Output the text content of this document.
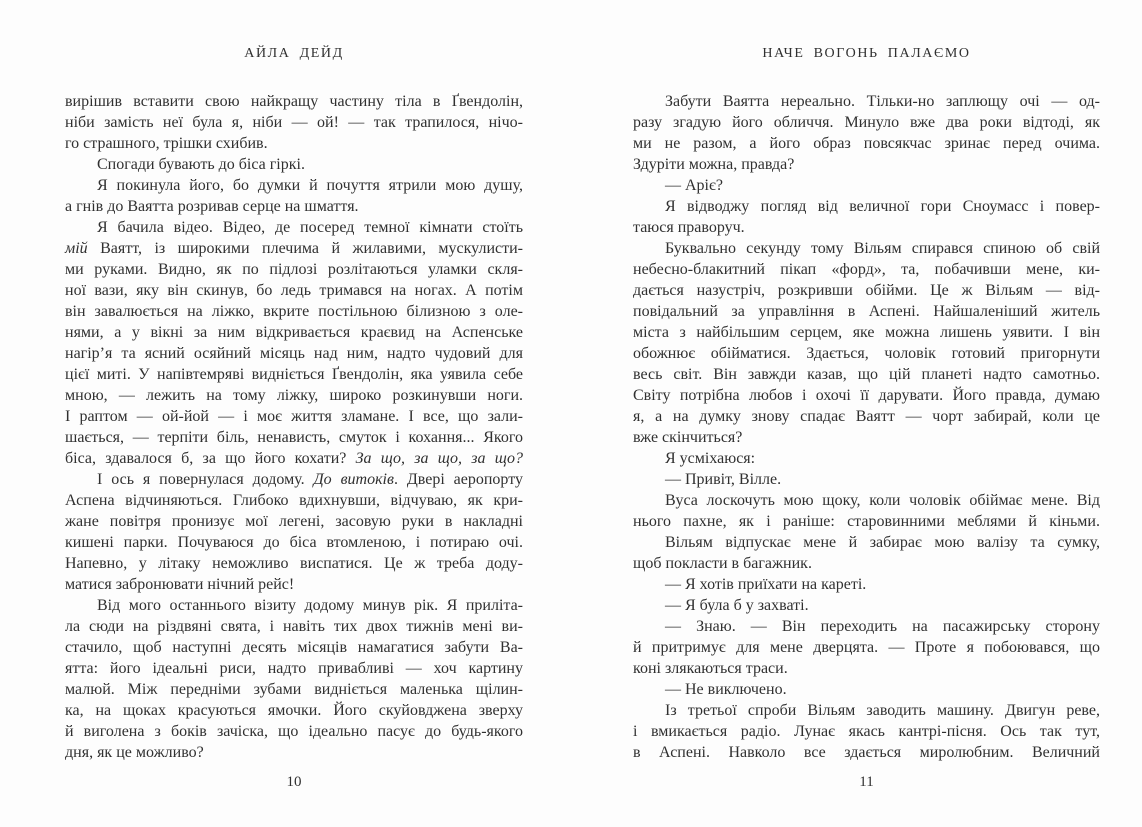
АЙЛА ДЕЙД
вирішив вставити свою найкращу частину тіла в Ґвендолін,
ніби замість неї була я, ніби — ой! — так трапилося, нічо-
го страшного, трішки схибив.
Спогади бувають до біса гіркі.
Я покинула його, бо думки й почуття ятрили мою душу,
а гнів до Ваятта розривав серце на шмаття.
Я бачила відео. Відео, де посеред темної кімнати стоїть
мій Ваятт, із широкими плечима й жилавими, мускулисти-
ми руками. Видно, як по підлозі розлітаються уламки скля-
ної вази, яку він скинув, бо ледь тримався на ногах. А потім
він завалюється на ліжко, вкрите постільною білизною з оле-
нями, а у вікні за ним відкривається краєвид на Аспенське
нагір’я та ясний осяйний місяць над ним, надто чудовий для
цієї миті. У напівтемряві видніється Ґвендолін, яка уявила себе
мною, — лежить на тому ліжку, широко розкинувши ноги.
І раптом — ой-йой — і моє життя зламане. І все, що зали-
шається, — терпіти біль, ненависть, смуток і кохання... Якого
біса, здавалося б, за що його кохати? За що, за що, за що?
І ось я повернулася додому. До витоків. Двері аеропорту
Аспена відчиняються. Глибоко вдихнувши, відчуваю, як кри-
жане повітря пронизує мої легені, засовую руки в накладні
кишені парки. Почуваюся до біса втомленою, і потираю очі.
Напевно, у літаку неможливо виспатися. Це ж треба доду-
матися забронювати нічний рейс!
Від мого останнього візиту додому минув рік. Я приліта-
ла сюди на різдвяні свята, і навіть тих двох тижнів мені ви-
стачило, щоб наступні десять місяців намагатися забути Ва-
ятта: його ідеальні риси, надто привабливі — хоч картину
малюй. Між передніми зубами видніється маленька щілин-
ка, на щоках красуються ямочки. Його скуйовджена зверху
й виголена з боків зачіска, що ідеально пасує до будь-якого
дня, як це можливо?
10
НАЧЕ ВОГОНЬ ПАЛАЄМО
Забути Ваятта нереально. Тільки-но заплющу очі — од-
разу згадую його обличчя. Минуло вже два роки відтоді, як
ми не разом, а його образ повсякчас зринає перед очима.
Здуріти можна, правда?
— Аріє?
Я відводжу погляд від величної гори Сноумасс і повер-
таюся праворуч.
Буквально секунду тому Вільям спирався спиною об свій
небесно-блакитний пікап «форд», та, побачивши мене, ки-
дається назустріч, розкривши обійми. Це ж Вільям — від-
повідальний за управління в Аспені. Найшаленіший житель
міста з найбільшим серцем, яке можна лишень уявити. І він
обожнює обійматися. Здається, чоловік готовий пригорнути
весь світ. Він завжди казав, що цій планеті надто самотньо.
Світу потрібна любов і охочі її дарувати. Його правда, думаю
я, а на думку знову спадає Ваятт — чорт забирай, коли це
вже скінчиться?
Я усміхаюся:
— Привіт, Вілле.
Вуса лоскочуть мою щоку, коли чоловік обіймає мене. Від
нього пахне, як і раніше: старовинними меблями й кіньми.
Вільям відпускає мене й забирає мою валізу та сумку,
щоб покласти в багажник.
— Я хотів приїхати на кареті.
— Я була б у захваті.
— Знаю. — Він переходить на пасажирську сторону
й притримує для мене дверцята. — Проте я побоювався, що
коні злякаються траси.
— Не виключено.
Із третьої спроби Вільям заводить машину. Двигун реве,
і вмикається радіо. Лунає якась кантрі-пісня. Ось так тут,
в Аспені. Навколо все здається миролюбним. Величний
11
